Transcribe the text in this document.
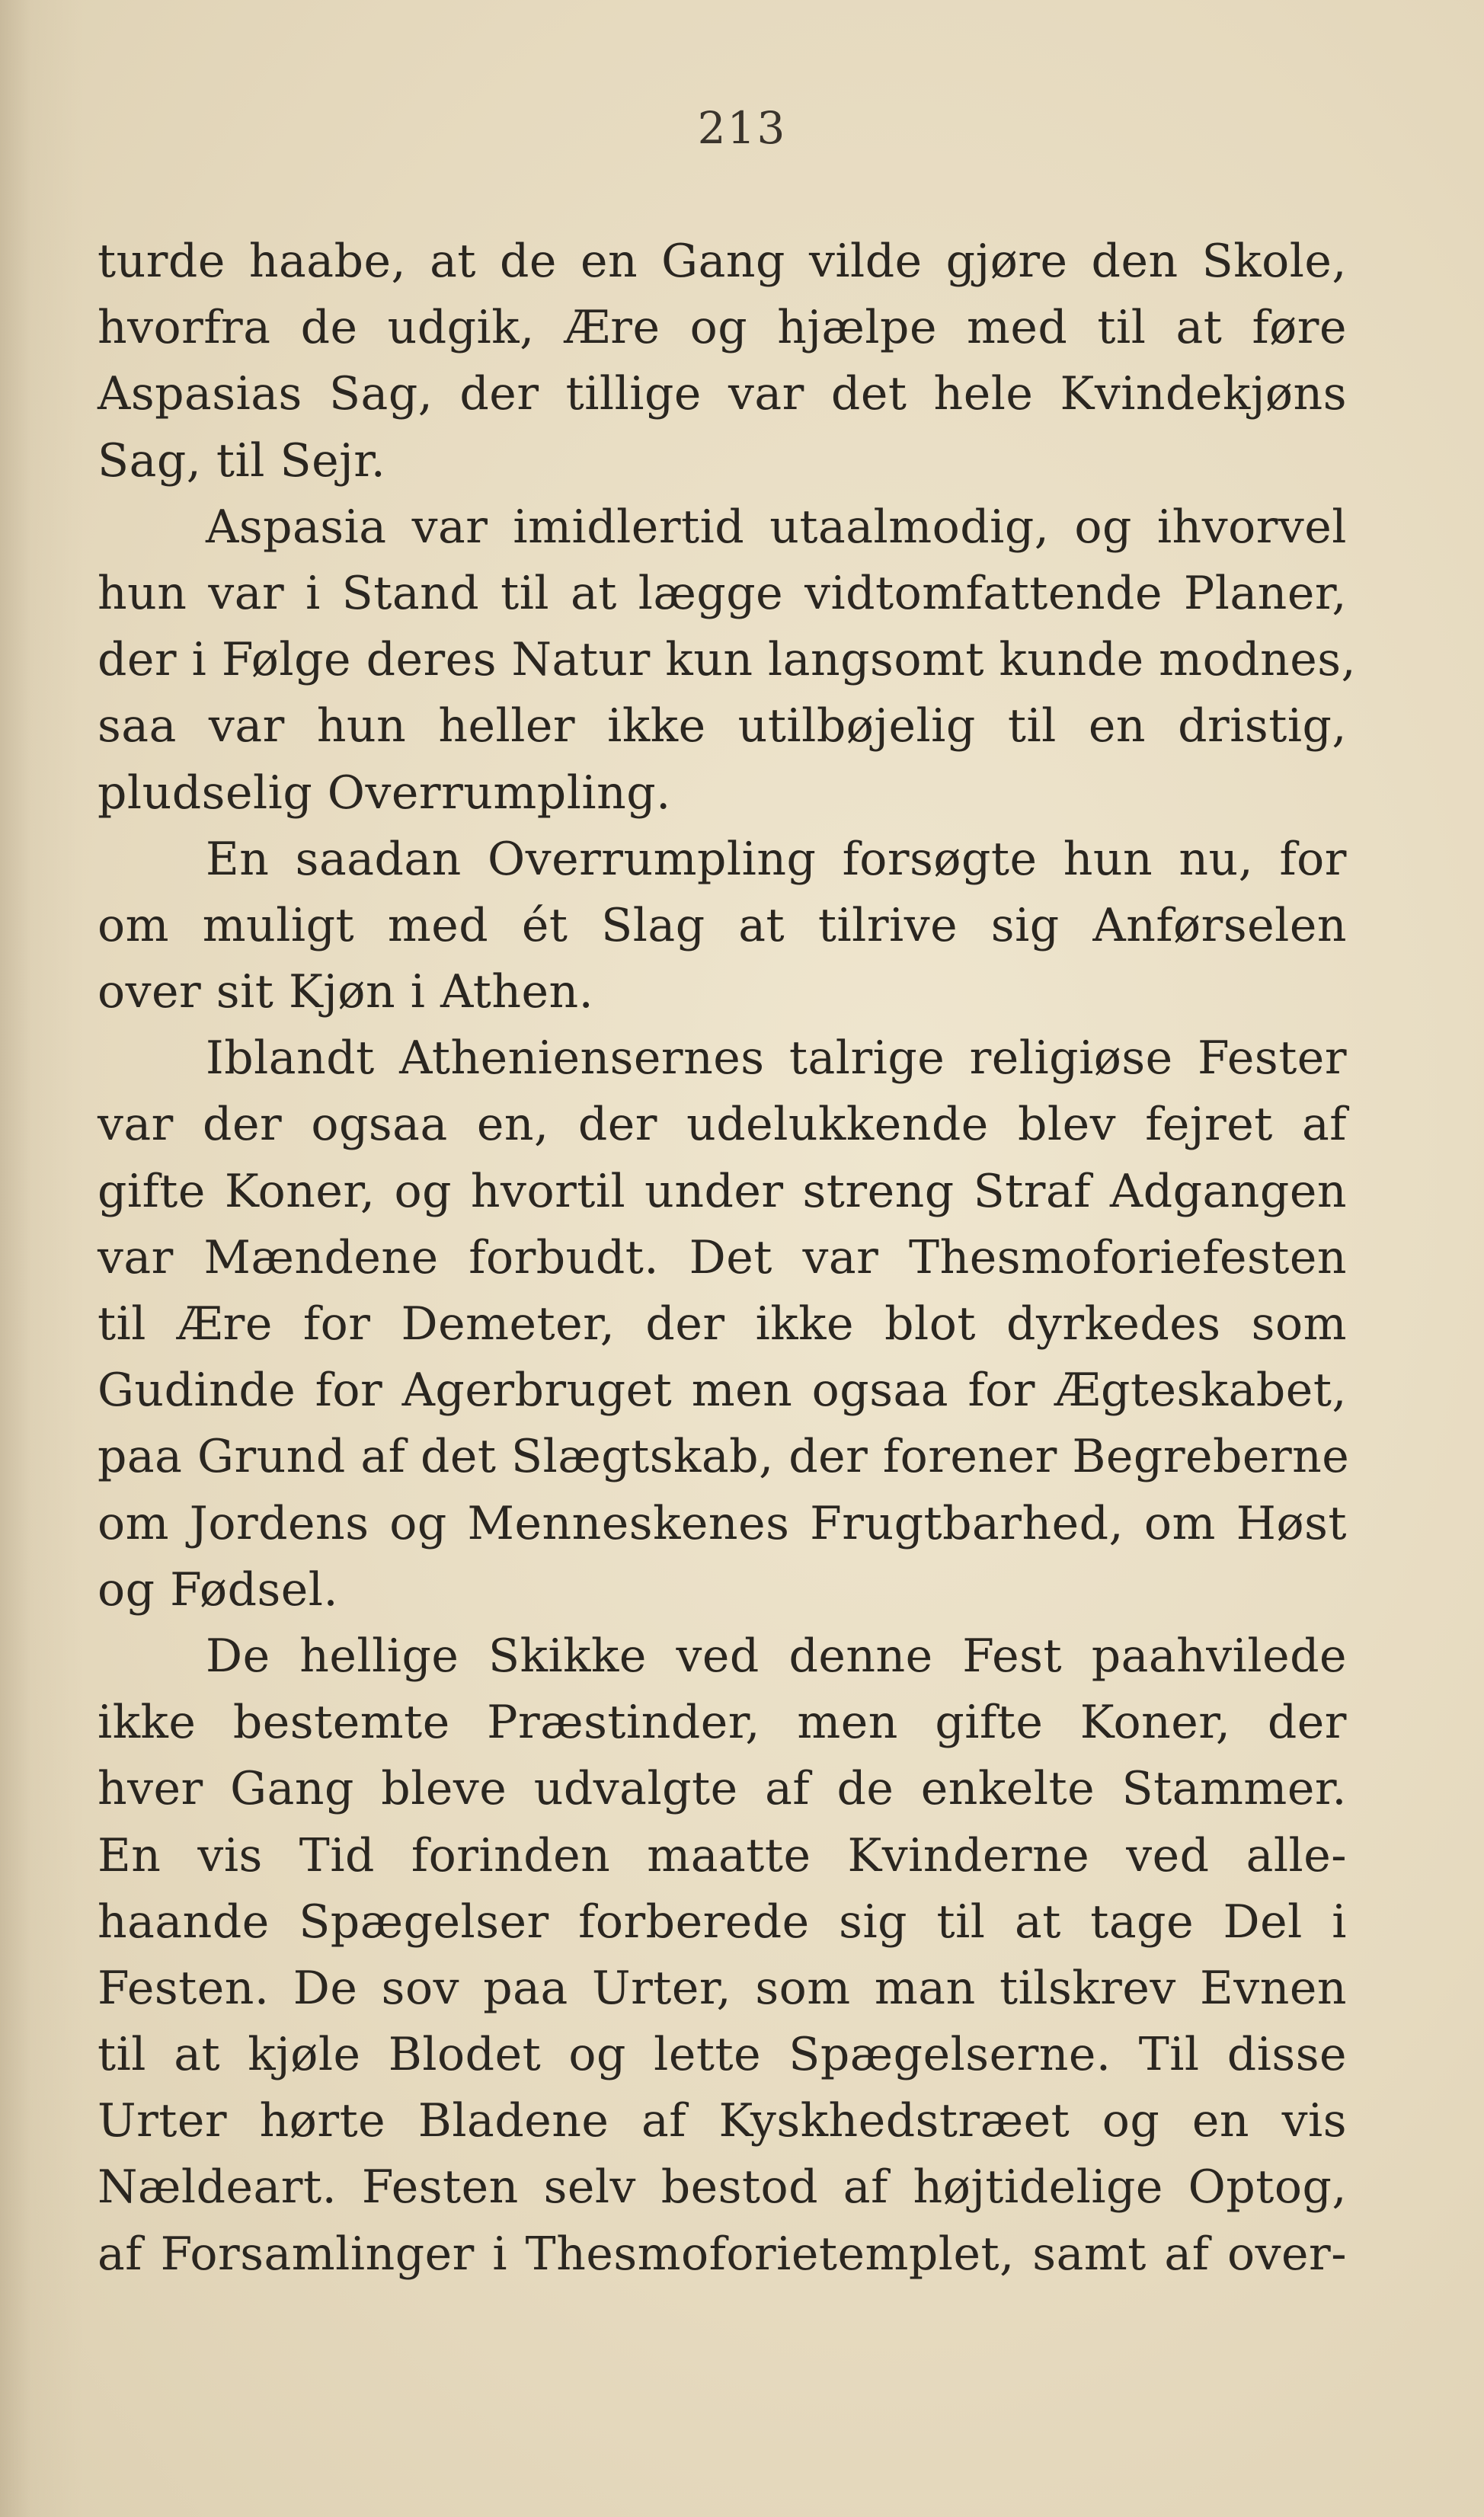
213
turde haabe, at de en Gang vilde gjøre den Skole,
hvorfra de udgik, Ære og hjælpe med til at føre
Aspasias Sag, der tillige var det hele Kvindekjøns
Sag, til Sejr.
Aspasia var imidlertid utaalmodig, og ihvorvel
hun var i Stand til at lægge vidtomfattende Planer,
der i Følge deres Natur kun langsomt kunde modnes,
saa var hun heller ikke utilbøjelig til en dristig,
pludselig Overrumpling.
En saadan Overrumpling forsøgte hun nu, for
om muligt med ét Slag at tilrive sig Anførselen
over sit Kjøn i Athen.
Iblandt Atheniensernes talrige religiøse Fester
var der ogsaa en, der udelukkende blev fejret af
gifte Koner, og hvortil under streng Straf Adgangen
var Mændene forbudt. Det var Thesmoforiefesten
til Ære for Demeter, der ikke blot dyrkedes som
Gudinde for Agerbruget men ogsaa for Ægteskabet,
paa Grund af det Slægtskab, der forener Begreberne
om Jordens og Menneskenes Frugtbarhed, om Høst
og Fødsel.
De hellige Skikke ved denne Fest paahvilede
ikke bestemte Præstinder, men gifte Koner, der
hver Gang bleve udvalgte af de enkelte Stammer.
En vis Tid forinden maatte Kvinderne ved alle-
haande Spægelser forberede sig til at tage Del i
Festen. De sov paa Urter, som man tilskrev Evnen
til at kjøle Blodet og lette Spægelserne. Til disse
Urter hørte Bladene af Kyskhedstræet og en vis
Nældeart. Festen selv bestod af højtidelige Optog,
af Forsamlinger i Thesmoforietemplet, samt af over-
